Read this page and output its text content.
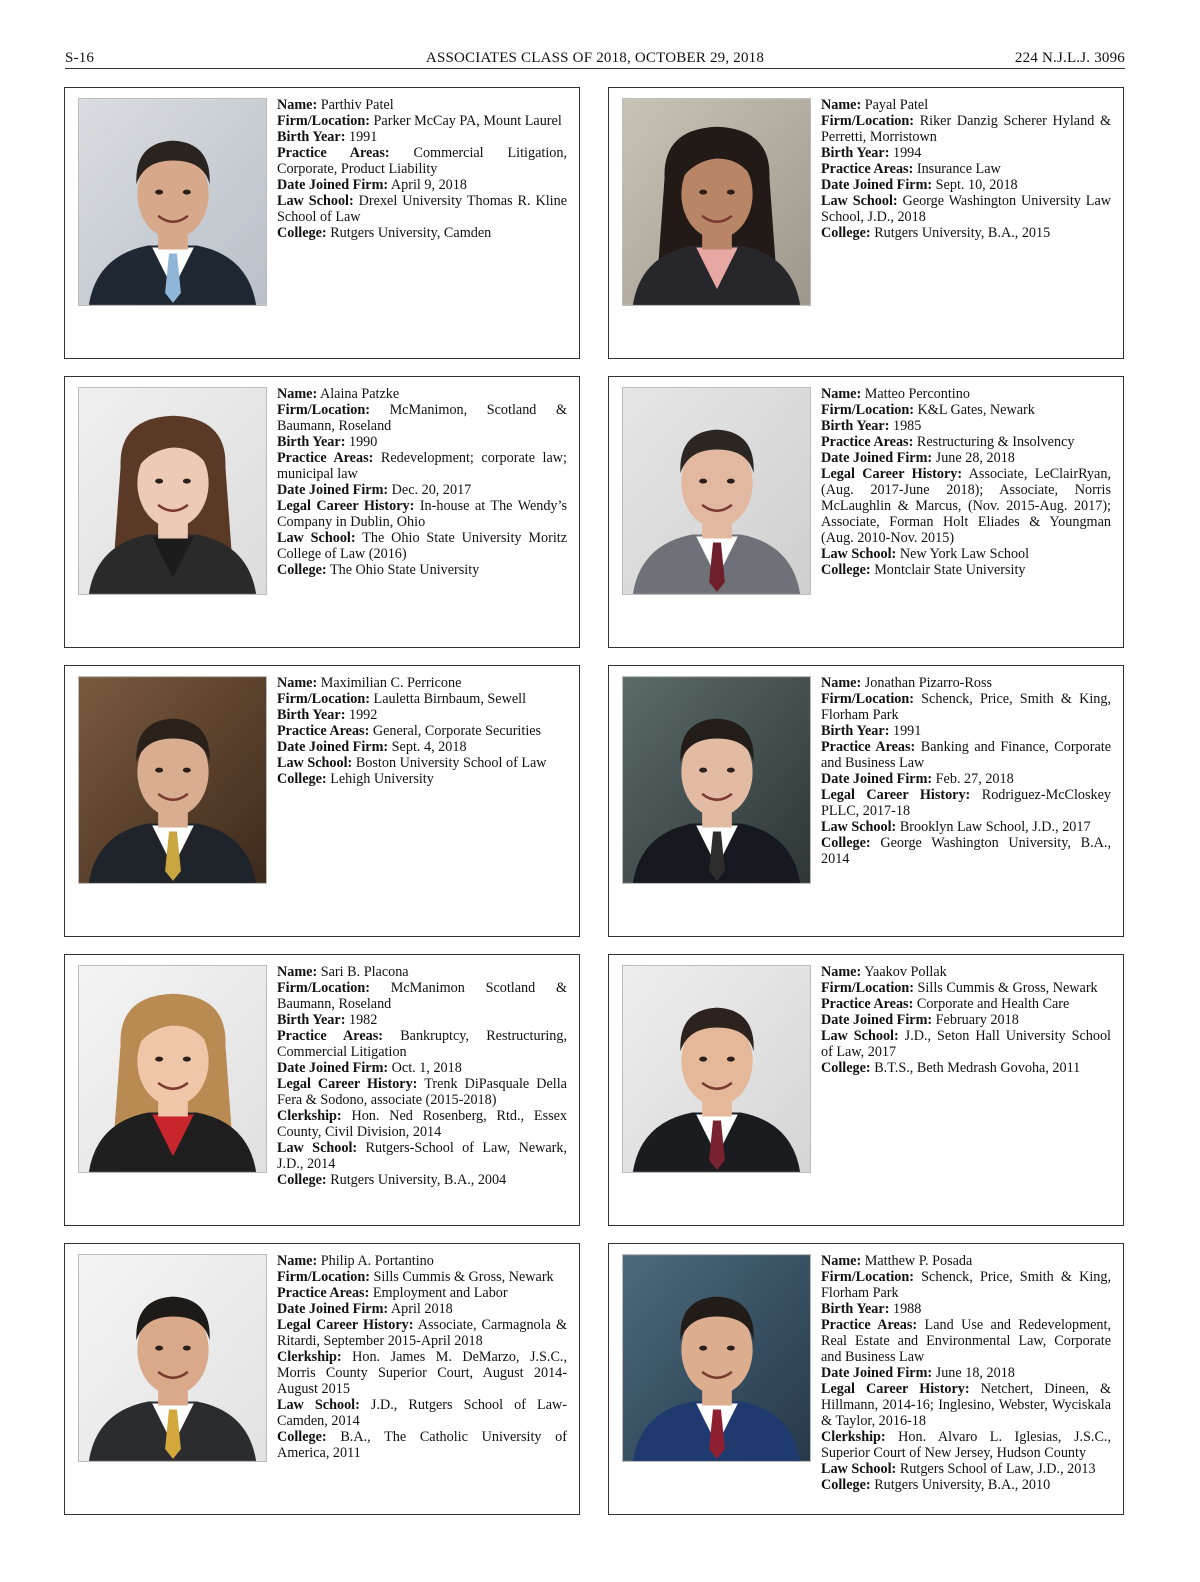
S-16	ASSOCIATES CLASS OF 2018, OCTOBER 29, 2018	224 N.J.L.J. 3096
Name: Parthiv Patel
Firm/Location: Parker McCay PA, Mount Laurel
Birth Year: 1991
Practice Areas: Commercial Litigation, Corporate, Product Liability
Date Joined Firm: April 9, 2018
Law School: Drexel University Thomas R. Kline School of Law
College: Rutgers University, Camden
Name: Payal Patel
Firm/Location: Riker Danzig Scherer Hyland & Perretti, Morristown
Birth Year: 1994
Practice Areas: Insurance Law
Date Joined Firm: Sept. 10, 2018
Law School: George Washington University Law School, J.D., 2018
College: Rutgers University, B.A., 2015
Name: Alaina Patzke
Firm/Location: McManimon, Scotland & Baumann, Roseland
Birth Year: 1990
Practice Areas: Redevelopment; corporate law; municipal law
Date Joined Firm: Dec. 20, 2017
Legal Career History: In-house at The Wendy’s Company in Dublin, Ohio
Law School: The Ohio State University Moritz College of Law (2016)
College: The Ohio State University
Name: Matteo Percontino
Firm/Location: K&L Gates, Newark
Birth Year: 1985
Practice Areas: Restructuring & Insolvency
Date Joined Firm: June 28, 2018
Legal Career History: Associate, LeClairRyan, (Aug. 2017-June 2018); Associate, Norris McLaughlin & Marcus, (Nov. 2015-Aug. 2017); Associate, Forman Holt Eliades & Youngman (Aug. 2010-Nov. 2015)
Law School: New York Law School
College: Montclair State University
Name: Maximilian C. Perricone
Firm/Location: Lauletta Birnbaum, Sewell
Birth Year: 1992
Practice Areas: General, Corporate Securities
Date Joined Firm: Sept. 4, 2018
Law School: Boston University School of Law
College: Lehigh University
Name: Jonathan Pizarro-Ross
Firm/Location: Schenck, Price, Smith & King, Florham Park
Birth Year: 1991
Practice Areas: Banking and Finance, Corporate and Business Law
Date Joined Firm: Feb. 27, 2018
Legal Career History: Rodriguez-McCloskey PLLC, 2017-18
Law School: Brooklyn Law School, J.D., 2017
College: George Washington University, B.A., 2014
Name: Sari B. Placona
Firm/Location: McManimon Scotland & Baumann, Roseland
Birth Year: 1982
Practice Areas: Bankruptcy, Restructuring, Commercial Litigation
Date Joined Firm: Oct. 1, 2018
Legal Career History: Trenk DiPasquale Della Fera & Sodono, associate (2015-2018)
Clerkship: Hon. Ned Rosenberg, Rtd., Essex County, Civil Division, 2014
Law School: Rutgers-School of Law, Newark, J.D., 2014
College: Rutgers University, B.A., 2004
Name: Yaakov Pollak
Firm/Location: Sills Cummis & Gross, Newark
Practice Areas: Corporate and Health Care
Date Joined Firm: February 2018
Law School: J.D., Seton Hall University School of Law, 2017
College: B.T.S., Beth Medrash Govoha, 2011
Name: Philip A. Portantino
Firm/Location: Sills Cummis & Gross, Newark
Practice Areas: Employment and Labor
Date Joined Firm: April 2018
Legal Career History: Associate, Carmagnola & Ritardi, September 2015-April 2018
Clerkship: Hon. James M. DeMarzo, J.S.C., Morris County Superior Court, August 2014-August 2015
Law School: J.D., Rutgers School of Law-Camden, 2014
College: B.A., The Catholic University of America, 2011
Name: Matthew P. Posada
Firm/Location: Schenck, Price, Smith & King, Florham Park
Birth Year: 1988
Practice Areas: Land Use and Redevelopment, Real Estate and Environmental Law, Corporate and Business Law
Date Joined Firm: June 18, 2018
Legal Career History: Netchert, Dineen, & Hillmann, 2014-16; Inglesino, Webster, Wyciskala & Taylor, 2016-18
Clerkship: Hon. Alvaro L. Iglesias, J.S.C., Superior Court of New Jersey, Hudson County
Law School: Rutgers School of Law, J.D., 2013
College: Rutgers University, B.A., 2010
